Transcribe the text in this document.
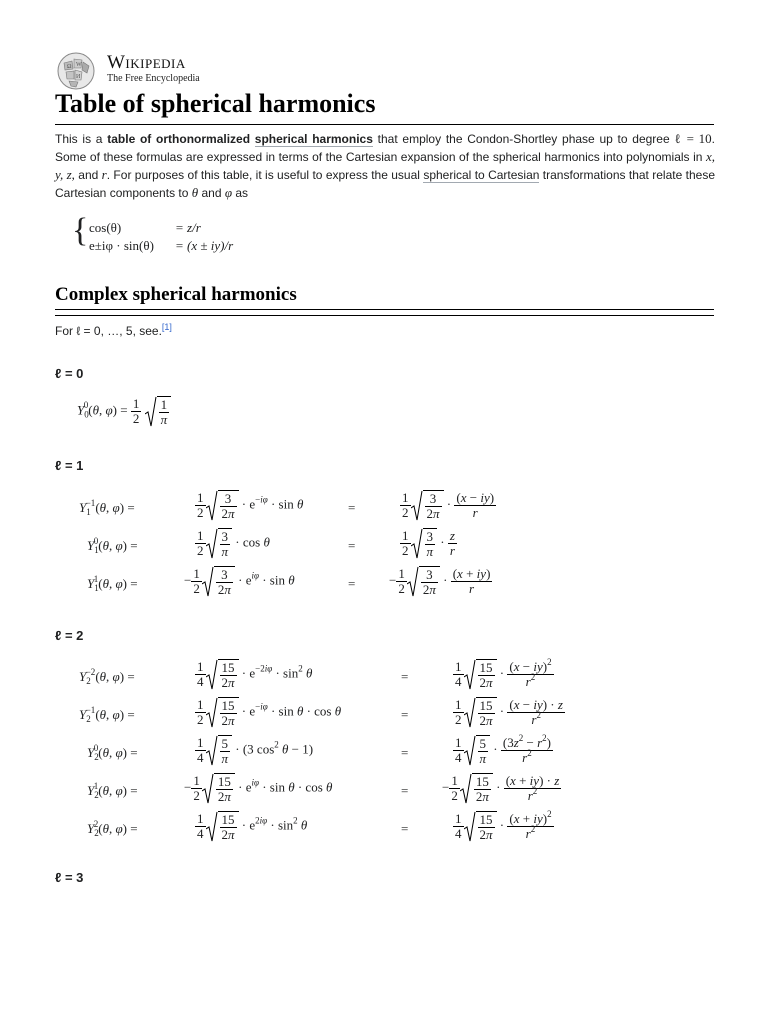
Ω W
И
Wikipedia
The Free Encyclopedia
Table of spherical harmonics
This is a table of orthonormalized spherical harmonics that employ the Condon-Shortley phase up to degree ℓ = 10. Some of these formulas are expressed in terms of the Cartesian expansion of the spherical harmonics into polynomials in x, y, z, and r. For purposes of this table, it is useful to express the usual spherical to Cartesian transformations that relate these Cartesian components to θ and φ as
{ cos(θ)	= z/r
e±iφ · sin(θ) = (x ± iy)/r
Complex spherical harmonics
For ℓ = 0, …, 5, see.[1]
ℓ = 0
$Y_0^0(\theta$, $\varphi) = \frac{1}{2}$
$\frac{1}{\pi}$
ℓ = 1
$Y_1^{-1}(\theta$, φ) =	$\frac{1}{2} \frac{3}{2\pi} \cdot e^{-i\varphi} \cdot \sin \theta$	=	$\frac{1}{2} \frac{3}{2\pi} \cdot \frac{(x - iy)}{r}$
$Y_1^0(\theta$, φ) =	$\frac{1}{2} \frac{3}{\pi} \cdot \cos \theta$	=	$\frac{1}{2} \frac{3}{\pi} \cdot \frac{z}{r}$
$Y_1^1(\theta$, φ) =	− $\frac{1}{2} \frac{3}{2\pi} \cdot e^{i\varphi} \cdot \sin \theta$	=	− $\frac{1}{2} \frac{3}{2\pi} \cdot \frac{(x + iy)}{r}$
ℓ = 2
$Y_2^{-2}(\theta$, φ) =	$\frac{1}{4} \frac{15}{2\pi} \cdot e^{-2i\varphi} \cdot \sin^2 \theta$	=	$\frac{1}{4} \frac{15}{2\pi} \cdot \frac{(x - iy)^2}{r^2}$
$Y_2^{-1}(\theta$, φ) =	$\frac{1}{2} \frac{15}{2\pi} \cdot e^{-i\varphi} \cdot \sin \theta \cdot \cos \theta$	=	$\frac{1}{2} \frac{15}{2\pi} \cdot \frac{(x - iy) \cdot z}{r^2}$
$Y_2^0(\theta$, φ) =	$\frac{1}{4} \frac{5}{\pi} \cdot (3$ $\cos^2 \theta - 1$)	=	$\frac{1}{4} \frac{5}{\pi} \cdot \frac{(3z^2 - r^2)}{r^2}$
$Y_2^1(\theta$, φ) =	− $\frac{1}{2} \frac{15}{2\pi} \cdot e^{i\varphi} \cdot \sin \theta \cdot \cos \theta$	=	− $\frac{1}{2} \frac{15}{2\pi} \cdot \frac{(x + iy) \cdot z}{r^2}$
$Y_2^2(\theta$, φ) =	$\frac{1}{4} \frac{15}{2\pi} \cdot e^{2i\varphi} \cdot \sin^2 \theta$	=	$\frac{1}{4} \frac{15}{2\pi} \cdot \frac{(x + iy)^2}{r^2}$
ℓ = 3
